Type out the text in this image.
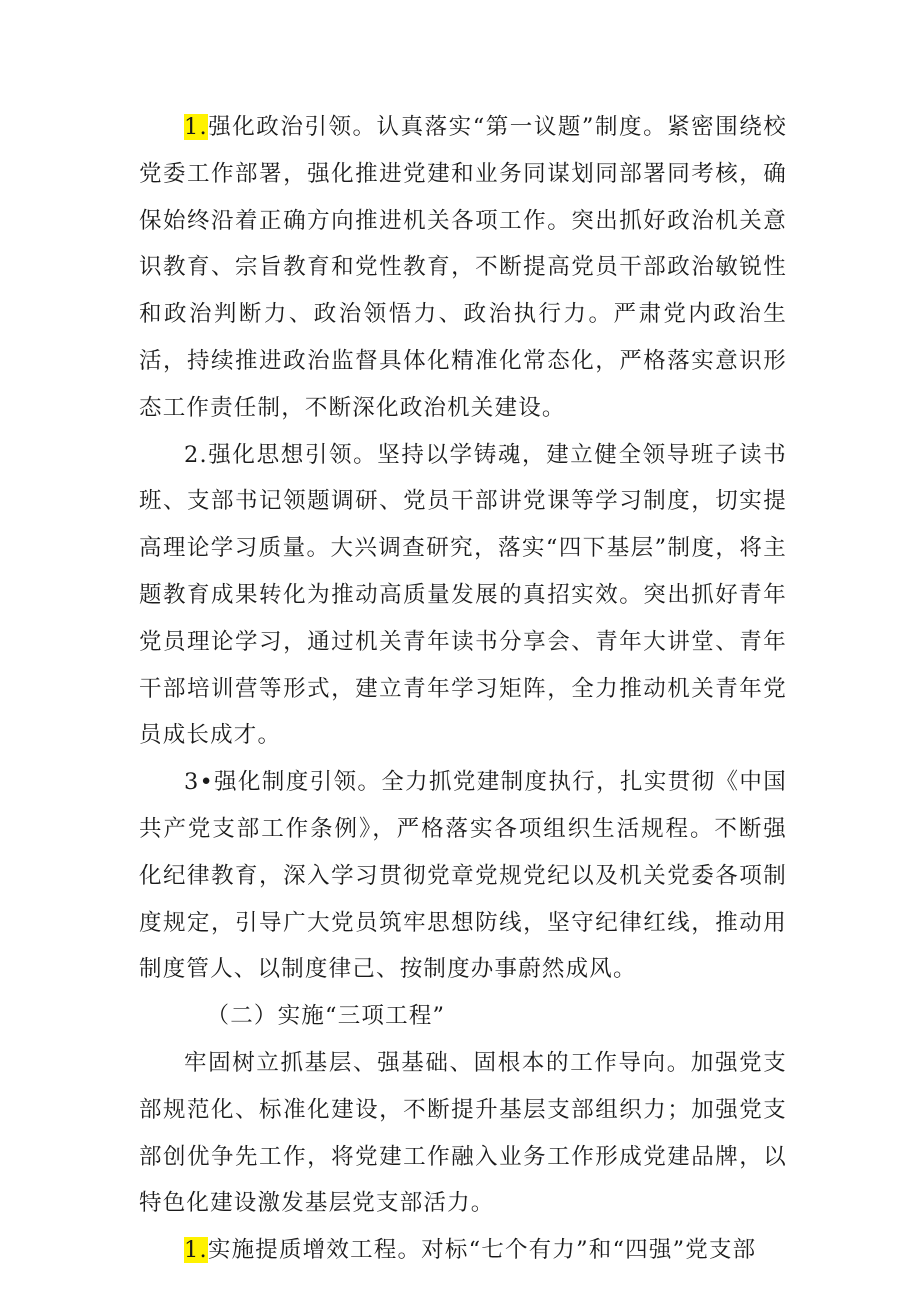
1.强化政治引领。认真落实“第一议题”制度。紧密围绕校党委工作部署，强化推进党建和业务同谋划同部署同考核，确保始终沿着正确方向推进机关各项工作。突出抓好政治机关意识教育、宗旨教育和党性教育，不断提高党员干部政治敏锐性和政治判断力、政治领悟力、政治执行力。严肃党内政治生活，持续推进政治监督具体化精准化常态化，严格落实意识形态工作责任制，不断深化政治机关建设。

2.强化思想引领。坚持以学铸魂，建立健全领导班子读书班、支部书记领题调研、党员干部讲党课等学习制度，切实提高理论学习质量。大兴调查研究，落实“四下基层”制度，将主题教育成果转化为推动高质量发展的真招实效。突出抓好青年党员理论学习，通过机关青年读书分享会、青年大讲堂、青年干部培训营等形式，建立青年学习矩阵，全力推动机关青年党员成长成才。

3•强化制度引领。全力抓党建制度执行，扎实贯彻《中国共产党支部工作条例》，严格落实各项组织生活规程。不断强化纪律教育，深入学习贯彻党章党规党纪以及机关党委各项制度规定，引导广大党员筑牢思想防线，坚守纪律红线，推动用制度管人、以制度律己、按制度办事蔚然成风。

（二）实施“三项工程”

牢固树立抓基层、强基础、固根本的工作导向。加强党支部规范化、标准化建设，不断提升基层支部组织力；加强党支部创优争先工作，将党建工作融入业务工作形成党建品牌，以特色化建设激发基层党支部活力。

1.实施提质增效工程。对标“七个有力”和“四强”党支部
